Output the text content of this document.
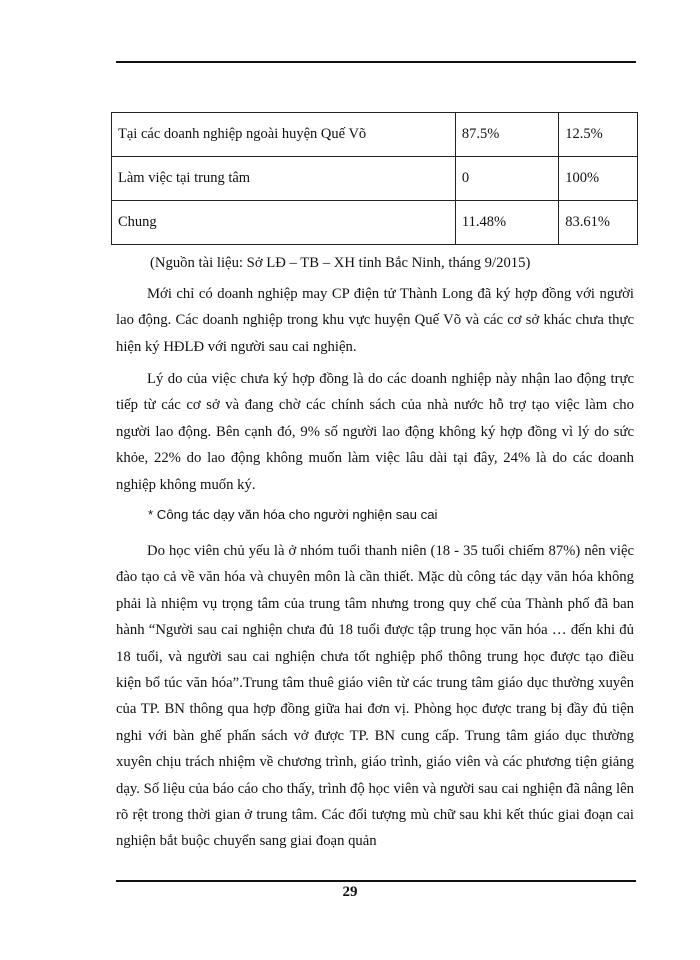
Tại các doanh nghiệp ngoài huyện Quế Võ	87.5%	12.5%
Làm việc tại trung tâm	0	100%
Chung	11.48%	83.61%
(Nguồn tài liệu: Sở LĐ – TB – XH tỉnh Bắc Ninh, tháng 9/2015)

Mới chỉ có doanh nghiệp may CP điện tử Thành Long đã ký hợp đồng với người lao động. Các doanh nghiệp trong khu vực huyện Quế Võ và các cơ sở khác chưa thực hiện ký HĐLĐ với người sau cai nghiện.

Lý do của việc chưa ký hợp đồng là do các doanh nghiệp này nhận lao động trực tiếp từ các cơ sở và đang chờ các chính sách của nhà nước hỗ trợ tạo việc làm cho người lao động. Bên cạnh đó, 9% số người lao động không ký hợp đồng vì lý do sức khỏe, 22% do lao động không muốn làm việc lâu dài tại đây, 24% là do các doanh nghiệp không muốn ký.

* Công tác dạy văn hóa cho người nghiện sau cai

Do học viên chủ yếu là ở nhóm tuổi thanh niên (18 - 35 tuổi chiếm 87%) nên việc đào tạo cả về văn hóa và chuyên môn là cần thiết. Mặc dù công tác dạy văn hóa không phải là nhiệm vụ trọng tâm của trung tâm nhưng trong quy chế của Thành phố đã ban hành “Người sau cai nghiện chưa đủ 18 tuổi được tập trung học văn hóa … đến khi đủ 18 tuổi, và người sau cai nghiện chưa tốt nghiệp phổ thông trung học được tạo điều kiện bổ túc văn hóa”.Trung tâm thuê giáo viên từ các trung tâm giáo dục thường xuyên của TP. BN thông qua hợp đồng giữa hai đơn vị. Phòng học được trang bị đầy đủ tiện nghi với bàn ghế phấn sách vở được TP. BN cung cấp. Trung tâm giáo dục thường xuyên chịu trách nhiệm về chương trình, giáo trình, giáo viên và các phương tiện giảng dạy. Số liệu của báo cáo cho thấy, trình độ học viên và người sau cai nghiện đã nâng lên rõ rệt trong thời gian ở trung tâm. Các đối tượng mù chữ sau khi kết thúc giai đoạn cai nghiện bắt buộc chuyển sang giai đoạn quản

29
